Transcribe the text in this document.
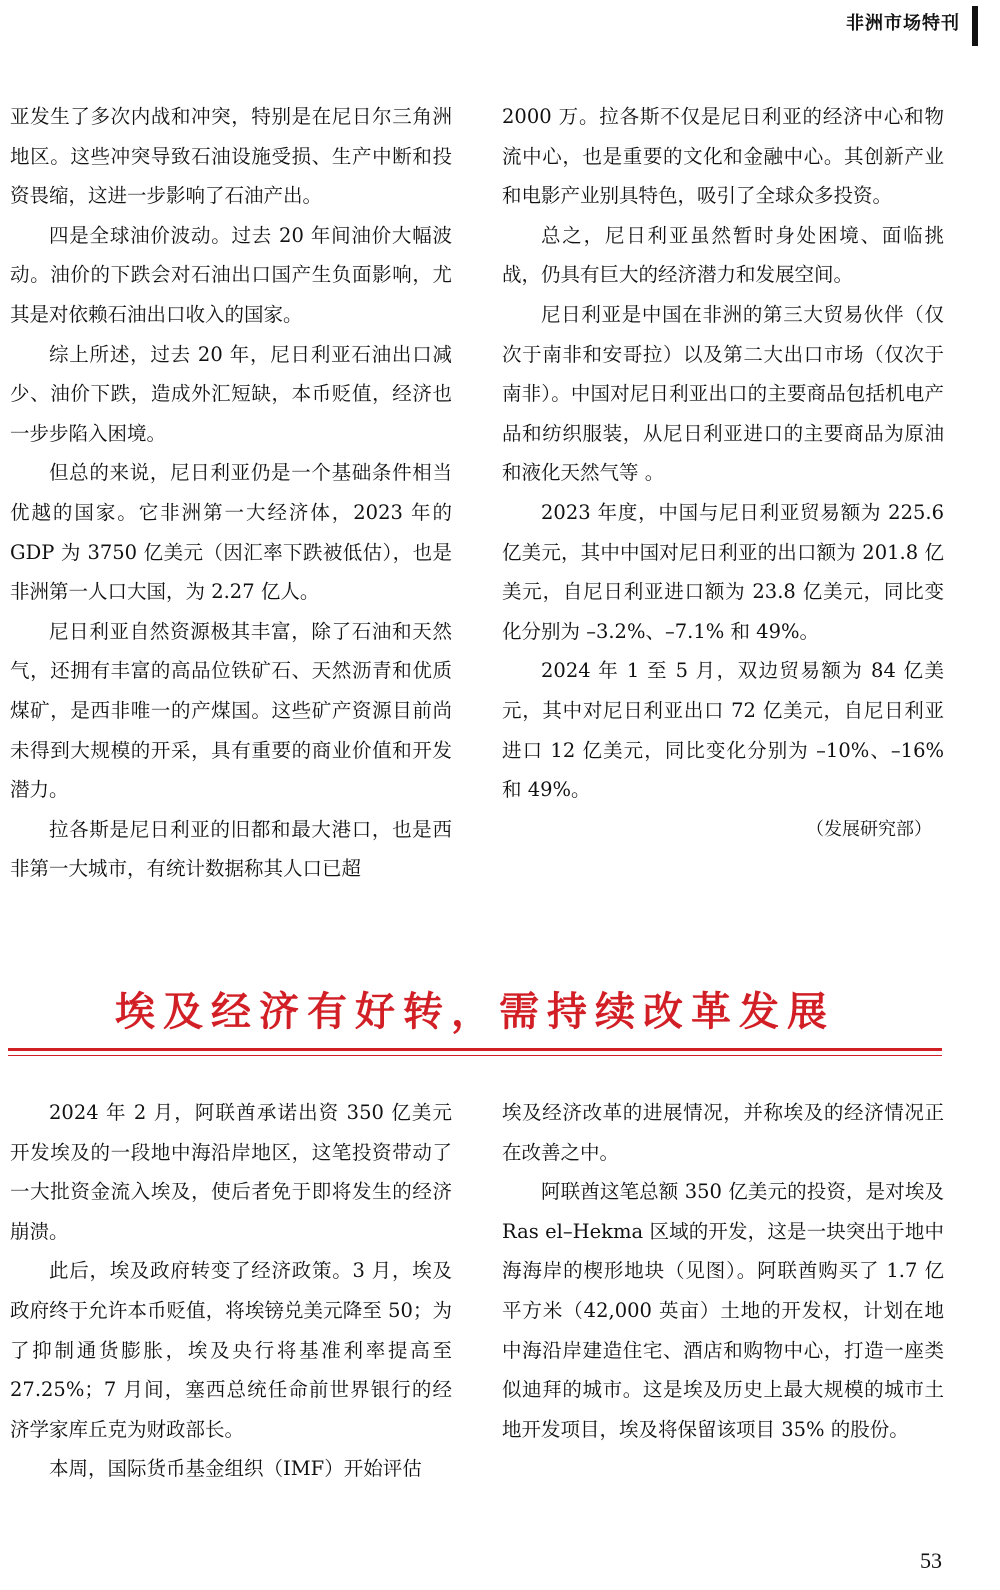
非洲市场特刊

亚发生了多次内战和冲突，特别是在尼日尔三角洲地区。这些冲突导致石油设施受损、生产中断和投资畏缩，这进一步影响了石油产出。

四是全球油价波动。过去 20 年间油价大幅波动。油价的下跌会对石油出口国产生负面影响，尤其是对依赖石油出口收入的国家。

综上所述，过去 20 年，尼日利亚石油出口减少、油价下跌，造成外汇短缺，本币贬值，经济也一步步陷入困境。

但总的来说，尼日利亚仍是一个基础条件相当优越的国家。它非洲第一大经济体，2023 年的 GDP 为 3750 亿美元（因汇率下跌被低估），也是非洲第一人口大国，为 2.27 亿人。

尼日利亚自然资源极其丰富，除了石油和天然气，还拥有丰富的高品位铁矿石、天然沥青和优质煤矿，是西非唯一的产煤国。这些矿产资源目前尚未得到大规模的开采，具有重要的商业价值和开发潜力。

拉各斯是尼日利亚的旧都和最大港口，也是西非第一大城市，有统计数据称其人口已超

2000 万。拉各斯不仅是尼日利亚的经济中心和物流中心，也是重要的文化和金融中心。其创新产业和电影产业别具特色，吸引了全球众多投资。

总之，尼日利亚虽然暂时身处困境、面临挑战，仍具有巨大的经济潜力和发展空间。

尼日利亚是中国在非洲的第三大贸易伙伴（仅次于南非和安哥拉）以及第二大出口市场（仅次于南非）。中国对尼日利亚出口的主要商品包括机电产品和纺织服装，从尼日利亚进口的主要商品为原油和液化天然气等 。

2023 年度，中国与尼日利亚贸易额为 225.6 亿美元，其中中国对尼日利亚的出口额为 201.8 亿美元，自尼日利亚进口额为 23.8 亿美元，同比变化分别为 –3.2%、–7.1% 和 49%。

2024 年 1 至 5 月，双边贸易额为 84 亿美元，其中对尼日利亚出口 72 亿美元，自尼日利亚进口 12 亿美元，同比变化分别为 –10%、–16% 和 49%。

（发展研究部）

埃及经济有好转，需持续改革发展

2024 年 2 月，阿联酋承诺出资 350 亿美元开发埃及的一段地中海沿岸地区，这笔投资带动了一大批资金流入埃及，使后者免于即将发生的经济崩溃。

此后，埃及政府转变了经济政策。3 月，埃及政府终于允许本币贬值，将埃镑兑美元降至 50；为了抑制通货膨胀，埃及央行将基准利率提高至 27.25%；7 月间，塞西总统任命前世界银行的经济学家库丘克为财政部长。

本周，国际货币基金组织（IMF）开始评估

埃及经济改革的进展情况，并称埃及的经济情况正在改善之中。

阿联酋这笔总额 350 亿美元的投资，是对埃及 Ras el–Hekma 区域的开发，这是一块突出于地中海海岸的楔形地块（见图）。阿联酋购买了 1.7 亿平方米（42,000 英亩）土地的开发权，计划在地中海沿岸建造住宅、酒店和购物中心，打造一座类似迪拜的城市。这是埃及历史上最大规模的城市土地开发项目，埃及将保留该项目 35% 的股份。

53
